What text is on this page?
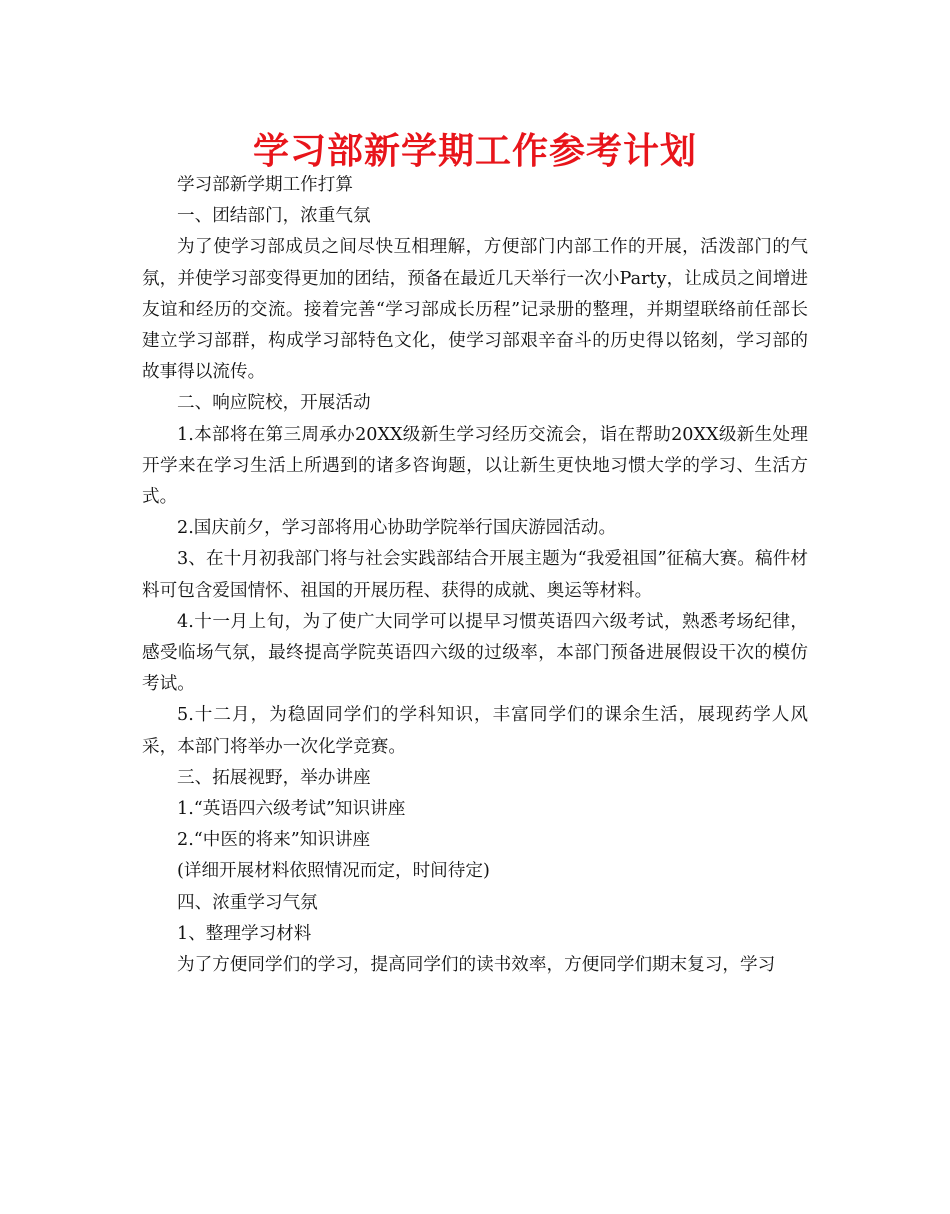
学习部新学期工作参考计划

学习部新学期工作打算

一、团结部门，浓重气氛

为了使学习部成员之间尽快互相理解，方便部门内部工作的开展，活泼部门的气氛，并使学习部变得更加的团结，预备在最近几天举行一次小Party，让成员之间增进友谊和经历的交流。接着完善“学习部成长历程”记录册的整理，并期望联络前任部长建立学习部群，构成学习部特色文化，使学习部艰辛奋斗的历史得以铭刻，学习部的故事得以流传。

二、响应院校，开展活动

1.本部将在第三周承办20XX级新生学习经历交流会，诣在帮助20XX级新生处理开学来在学习生活上所遇到的诸多咨询题，以让新生更快地习惯大学的学习、生活方式。

2.国庆前夕，学习部将用心协助学院举行国庆游园活动。

3、在十月初我部门将与社会实践部结合开展主题为“我爱祖国”征稿大赛。稿件材料可包含爱国情怀、祖国的开展历程、获得的成就、奥运等材料。

4.十一月上旬，为了使广大同学可以提早习惯英语四六级考试，熟悉考场纪律，感受临场气氛，最终提高学院英语四六级的过级率，本部门预备进展假设干次的模仿考试。

5.十二月，为稳固同学们的学科知识，丰富同学们的课余生活，展现药学人风采，本部门将举办一次化学竞赛。

三、拓展视野，举办讲座

1.“英语四六级考试”知识讲座

2.“中医的将来”知识讲座

(详细开展材料依照情况而定，时间待定)

四、浓重学习气氛

1、整理学习材料

为了方便同学们的学习，提高同学们的读书效率，方便同学们期末复习，学习
